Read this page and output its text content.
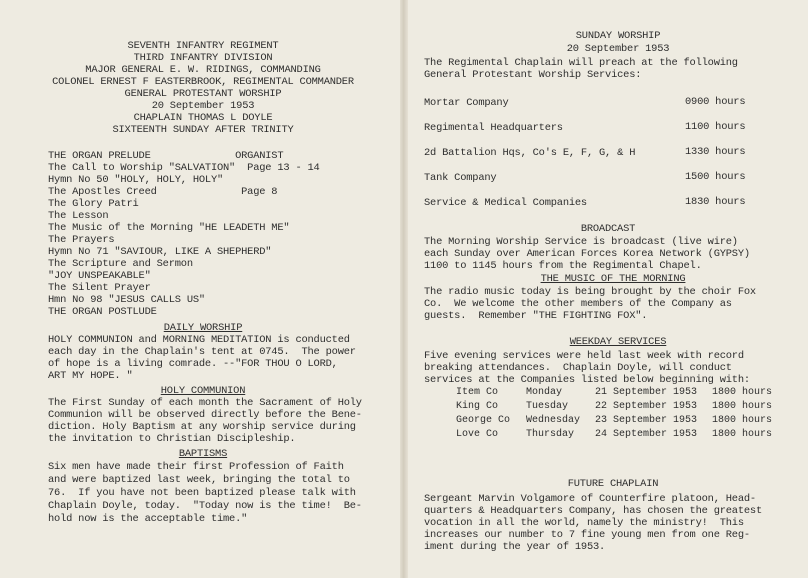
SEVENTH INFANTRY REGIMENT
THIRD INFANTRY DIVISION
MAJOR GENERAL E. W. RIDINGS, COMMANDING
COLONEL ERNEST F EASTERBROOK, REGIMENTAL COMMANDER
GENERAL PROTESTANT WORSHIP
20 September 1953
CHAPLAIN THOMAS L DOYLE
SIXTEENTH SUNDAY AFTER TRINITY
THE ORGAN PRELUDE              ORGANIST
The Call to Worship "SALVATION"  Page 13 - 14
Hymn No 50 "HOLY, HOLY, HOLY"
The Apostles Creed              Page 8
The Glory Patri
The Lesson
The Music of the Morning "HE LEADETH ME"
The Prayers
Hymn No 71 "SAVIOUR, LIKE A SHEPHERD"
The Scripture and Sermon
"JOY UNSPEAKABLE"
The Silent Prayer
Hmn No 98 "JESUS CALLS US"
THE ORGAN POSTLUDE
DAILY WORSHIP
HOLY COMMUNION and MORNING MEDITATION is conducted
each day in the Chaplain's tent at 0745.  The power
of hope is a living comrade. --"FOR THOU O LORD,
ART MY HOPE. "
HOLY COMMUNION
The First Sunday of each month the Sacrament of Holy
Communion will be observed directly before the Bene-
diction. Holy Baptism at any worship service during
the invitation to Christian Discipleship.
BAPTISMS
Six men have made their first Profession of Faith
and were baptized last week, bringing the total to
76.  If you have not been baptized please talk with
Chaplain Doyle, today.  "Today now is the time!  Be-
hold now is the acceptable time."
SUNDAY WORSHIP
20 September 1953
The Regimental Chaplain will preach at the following
General Protestant Worship Services:
Mortar Company	0900 hours
Regimental Headquarters	1100 hours
2d Battalion Hqs, Co's E, F, G, & H	1330 hours
Tank Company	1500 hours
Service & Medical Companies	1830 hours
BROADCAST
The Morning Worship Service is broadcast (live wire)
each Sunday over American Forces Korea Network (GYPSY)
1100 to 1145 hours from the Regimental Chapel.
THE MUSIC OF THE MORNING
The radio music today is being brought by the choir Fox
Co.  We welcome the other members of the Company as
guests.  Remember "THE FIGHTING FOX".
WEEKDAY SERVICES
Five evening services were held last week with record
breaking attendances.  Chaplain Doyle, will conduct
services at the Companies listed below beginning with:
Item Co	Monday	21 September 1953 1800 hours
King Co	Tuesday	22 September 1953 1800 hours
George Co Wednesday 23 September 1953 1800 hours
Love Co	Thursday 24 September 1953 1800 hours
FUTURE CHAPLAIN
Sergeant Marvin Volgamore of Counterfire platoon, Head-
quarters & Headquarters Company, has chosen the greatest
vocation in all the world, namely the ministry!  This
increases our number to 7 fine young men from one Reg-
iment during the year of 1953.
